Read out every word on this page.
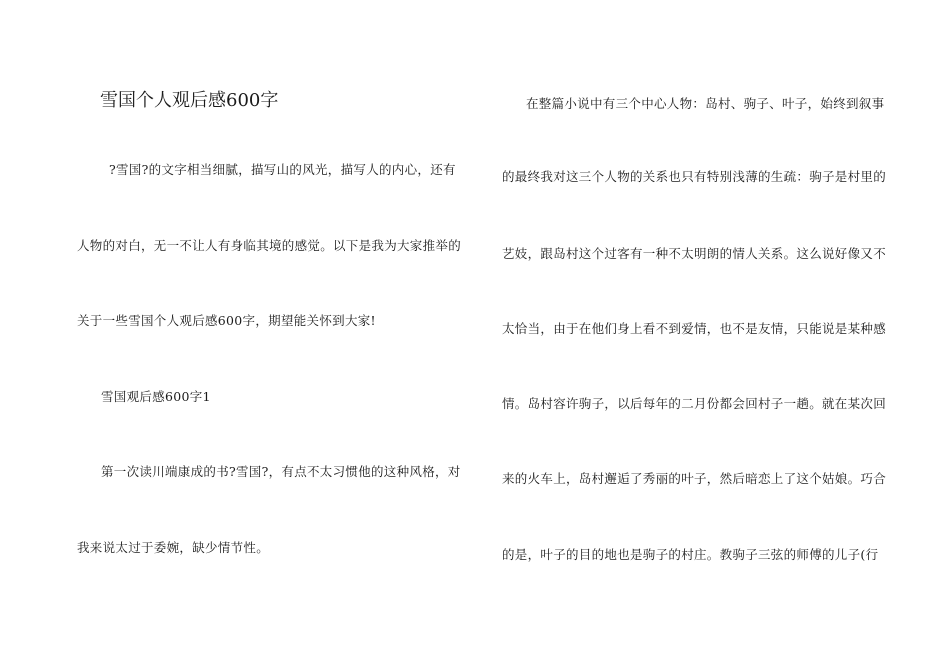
雪国个人观后感600字
?雪国?的文字相当细腻，描写山的风光，描写人的内心，还有
人物的对白，无一不让人有身临其境的感觉。以下是我为大家推举的
关于一些雪国个人观后感600字，期望能关怀到大家!
雪国观后感600字1
第一次读川端康成的书?雪国?，有点不太习惯他的这种风格，对
我来说太过于委婉，缺少情节性。
在整篇小说中有三个中心人物：岛村、驹子、叶子，始终到叙事
的最终我对这三个人物的关系也只有特别浅薄的生疏：驹子是村里的
艺妓，跟岛村这个过客有一种不太明朗的情人关系。这么说好像又不
太恰当，由于在他们身上看不到爱情，也不是友情，只能说是某种感
情。岛村容许驹子，以后每年的二月份都会回村子一趟。就在某次回
来的火车上，岛村邂逅了秀丽的叶子，然后暗恋上了这个姑娘。巧合
的是，叶子的目的地也是驹子的村庄。教驹子三弦的师傅的儿子(行
